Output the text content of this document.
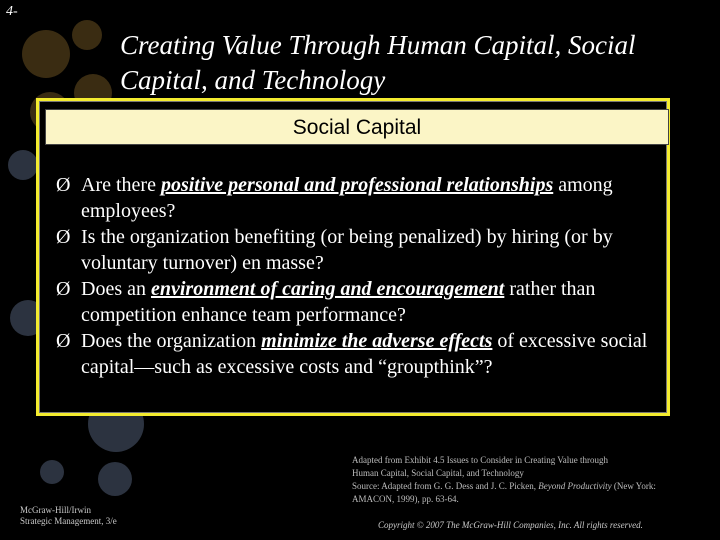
4-
Creating Value Through Human Capital, Social
Capital, and Technology
Social Capital
Ø Are there positive personal and professional relationships among employees?
Ø Is the organization benefiting (or being penalized) by hiring (or by voluntary turnover) en masse?
Ø Does an environment of caring and encouragement rather than competition enhance team performance?
Ø Does the organization minimize the adverse effects of excessive social capital—such as excessive costs and “groupthink”?
Adapted from Exhibit 4.5 Issues to Consider in Creating Value through
Human Capital, Social Capital, and Technology
Source: Adapted from G. G. Dess and J. C. Picken, Beyond Productivity (New York: AMACON, 1999), pp. 63-64.
McGraw-Hill/Irwin
Strategic Management, 3/e	Copyright © 2007 The McGraw-Hill Companies, Inc. All rights reserved.
